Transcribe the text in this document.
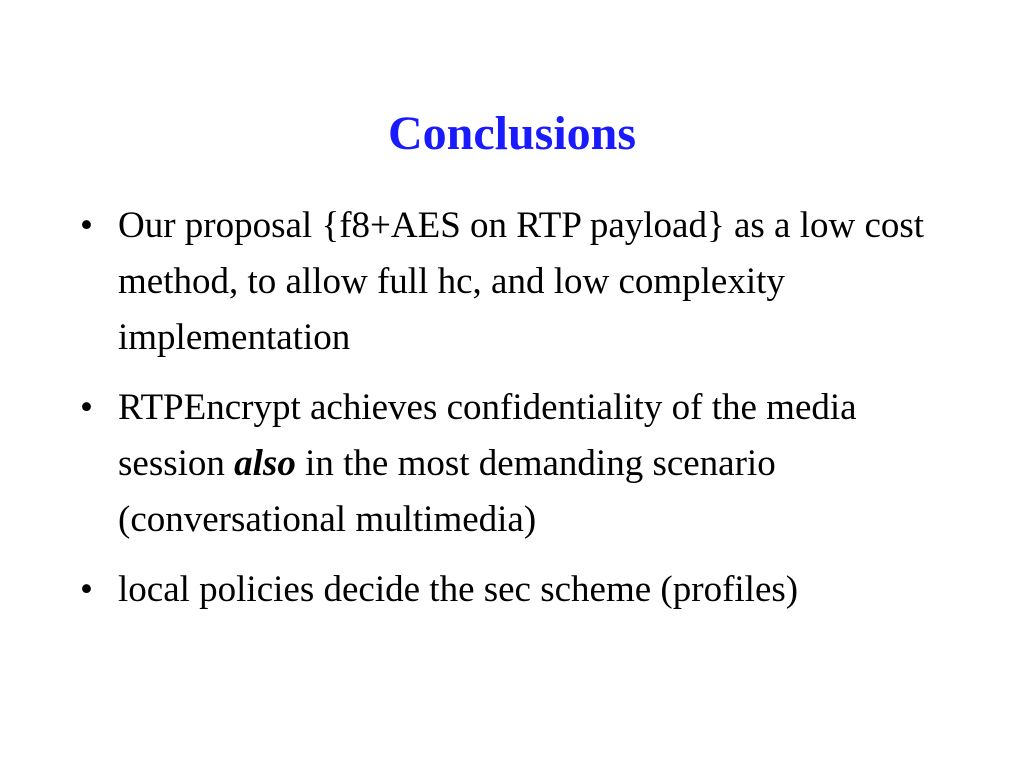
Conclusions
• Our proposal {f8+AES on RTP payload} as a low cost method, to allow full hc, and low complexity implementation
• RTPEncrypt achieves confidentiality of the media session also in the most demanding scenario (conversational multimedia)
• local policies decide the sec scheme (profiles)
